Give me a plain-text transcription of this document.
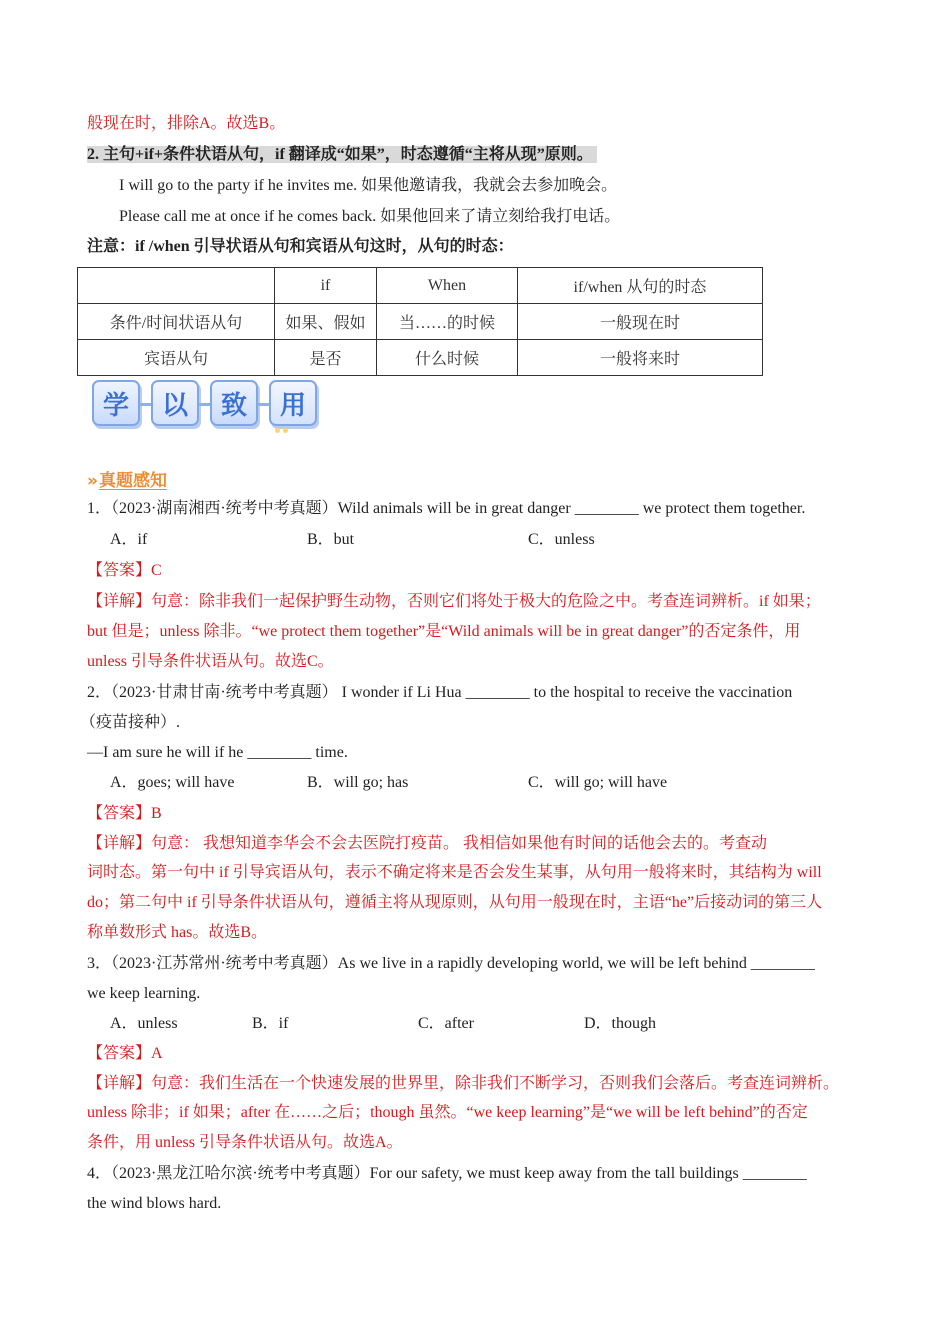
般现在时，排除A。故选B。
2. 主句+if+条件状语从句，if 翻译成“如果”，时态遵循“主将从现”原则。
I will go to the party if he invites me. 如果他邀请我，我就会去参加晚会。
Please call me at once if he comes back. 如果他回来了请立刻给我打电话。
注意：if /when 引导状语从句和宾语从句这时，从句的时态：
	if	When	if/when 从句的时态
条件/时间状语从句	如果、假如	当……的时候	一般现在时
宾语从句	是否	什么时候	一般将来时
学	以	致	用
» 真题感知
1．（2023·湖南湘西·统考中考真题）Wild animals will be in great danger ________ we protect them together.
A．if	B．but	C．unless
【答案】C
【详解】句意：除非我们一起保护野生动物，否则它们将处于极大的危险之中。考查连词辨析。if 如果；
but 但是；unless 除非。“we protect them together”是“Wild animals will be in great danger”的否定条件，用
unless 引导条件状语从句。故选C。
2．（2023·甘肃甘南·统考中考真题） I wonder if Li Hua ________ to the hospital to receive the vaccination
（疫苗接种）.
—I am sure he will if he ________ time.
A．goes; will have	B．will go; has	C．will go; will have
【答案】B
【详解】句意： 我想知道李华会不会去医院打疫苗。 我相信如果他有时间的话他会去的。考查动
词时态。第一句中 if 引导宾语从句，表示不确定将来是否会发生某事，从句用一般将来时，其结构为 will
do；第二句中 if 引导条件状语从句，遵循主将从现原则，从句用一般现在时，主语“he”后接动词的第三人
称单数形式 has。故选B。
3．（2023·江苏常州·统考中考真题）As we live in a rapidly developing world, we will be left behind ________
we keep learning.
A．unless	B．if	C．after	D．though
【答案】A
【详解】句意：我们生活在一个快速发展的世界里，除非我们不断学习，否则我们会落后。考查连词辨析。
unless 除非；if 如果；after 在……之后；though 虽然。“we keep learning”是“we will be left behind”的否定
条件，用 unless 引导条件状语从句。故选A。
4．（2023·黑龙江哈尔滨·统考中考真题）For our safety, we must keep away from the tall buildings ________
the wind blows hard.
